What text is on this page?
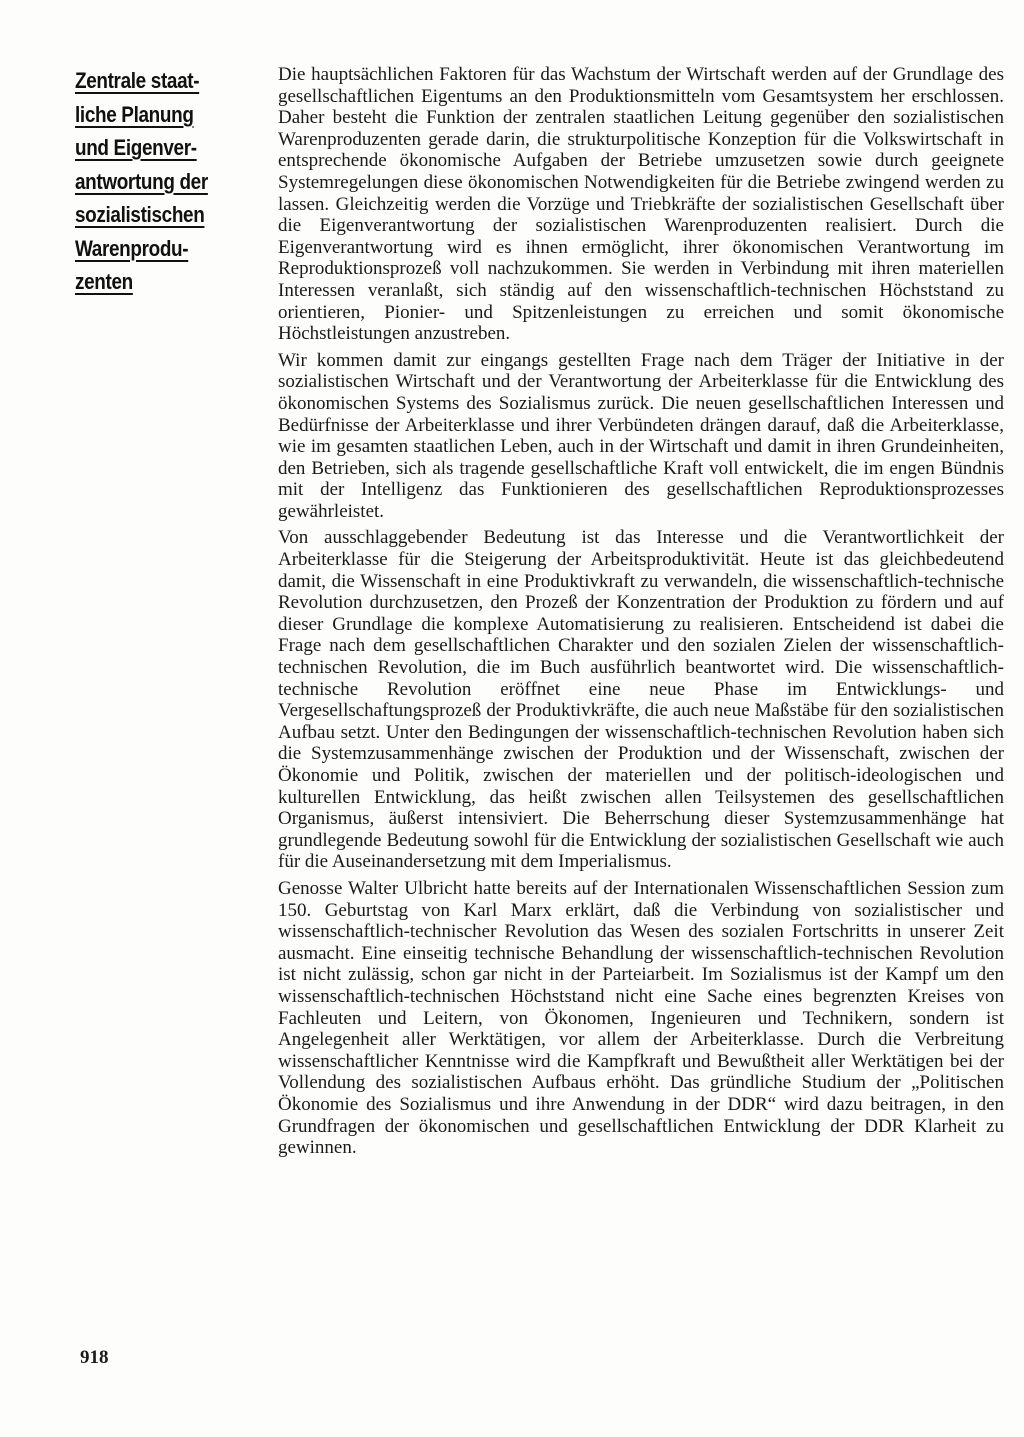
Zentrale staat-
liche Planung
und Eigenver-
antwortung der
sozialistischen
Warenprodu-
zenten

Die hauptsächlichen Faktoren für das Wachstum der Wirtschaft werden auf der Grundlage des gesellschaftlichen Eigentums an den Produktionsmitteln vom Gesamtsystem her erschlossen. Daher besteht die Funktion der zentralen staatlichen Leitung gegenüber den sozialistischen Warenproduzenten gerade darin, die strukturpolitische Konzeption für die Volkswirtschaft in entsprechende ökonomische Aufgaben der Betriebe umzusetzen sowie durch geeignete Systemregelungen diese ökonomischen Notwendigkeiten für die Betriebe zwingend werden zu lassen. Gleichzeitig werden die Vorzüge und Triebkräfte der sozialistischen Gesellschaft über die Eigenverantwortung der sozialistischen Warenproduzenten realisiert. Durch die Eigenverantwortung wird es ihnen ermöglicht, ihrer ökonomischen Verantwortung im Reproduktionsprozeß voll nachzukommen. Sie werden in Verbindung mit ihren materiellen Interessen veranlaßt, sich ständig auf den wissenschaftlich-technischen Höchststand zu orientieren, Pionier- und Spitzenleistungen zu erreichen und somit ökonomische Höchstleistungen anzustreben.

Wir kommen damit zur eingangs gestellten Frage nach dem Träger der Initiative in der sozialistischen Wirtschaft und der Verantwortung der Arbeiterklasse für die Entwicklung des ökonomischen Systems des Sozialismus zurück. Die neuen gesellschaftlichen Interessen und Bedürfnisse der Arbeiterklasse und ihrer Verbündeten drängen darauf, daß die Arbeiterklasse, wie im gesamten staatlichen Leben, auch in der Wirtschaft und damit in ihren Grundeinheiten, den Betrieben, sich als tragende gesellschaftliche Kraft voll entwickelt, die im engen Bündnis mit der Intelligenz das Funktionieren des gesellschaftlichen Reproduktionsprozesses gewährleistet.

Von ausschlaggebender Bedeutung ist das Interesse und die Verantwortlichkeit der Arbeiterklasse für die Steigerung der Arbeitsproduktivität. Heute ist das gleichbedeutend damit, die Wissenschaft in eine Produktivkraft zu verwandeln, die wissenschaftlich-technische Revolution durchzusetzen, den Prozeß der Konzentration der Produktion zu fördern und auf dieser Grundlage die komplexe Automatisierung zu realisieren. Entscheidend ist dabei die Frage nach dem gesellschaftlichen Charakter und den sozialen Zielen der wissenschaftlich-technischen Revolution, die im Buch ausführlich beantwortet wird. Die wissenschaftlich-technische Revolution eröffnet eine neue Phase im Entwicklungs- und Vergesellschaftungsprozeß der Produktivkräfte, die auch neue Maßstäbe für den sozialistischen Aufbau setzt. Unter den Bedingungen der wissenschaftlich-technischen Revolution haben sich die Systemzusammenhänge zwischen der Produktion und der Wissenschaft, zwischen der Ökonomie und Politik, zwischen der materiellen und der politisch-ideologischen und kulturellen Entwicklung, das heißt zwischen allen Teilsystemen des gesellschaftlichen Organismus, äußerst intensiviert. Die Beherrschung dieser Systemzusammenhänge hat grundlegende Bedeutung sowohl für die Entwicklung der sozialistischen Gesellschaft wie auch für die Auseinandersetzung mit dem Imperialismus.

Genosse Walter Ulbricht hatte bereits auf der Internationalen Wissenschaftlichen Session zum 150. Geburtstag von Karl Marx erklärt, daß die Verbindung von sozialistischer und wissenschaftlich-technischer Revolution das Wesen des sozialen Fortschritts in unserer Zeit ausmacht. Eine einseitig technische Behandlung der wissenschaftlich-technischen Revolution ist nicht zulässig, schon gar nicht in der Parteiarbeit. Im Sozialismus ist der Kampf um den wissenschaftlich-technischen Höchststand nicht eine Sache eines begrenzten Kreises von Fachleuten und Leitern, von Ökonomen, Ingenieuren und Technikern, sondern ist Angelegenheit aller Werktätigen, vor allem der Arbeiterklasse. Durch die Verbreitung wissenschaftlicher Kenntnisse wird die Kampfkraft und Bewußtheit aller Werktätigen bei der Vollendung des sozialistischen Aufbaus erhöht. Das gründliche Studium der „Politischen Ökonomie des Sozialismus und ihre Anwendung in der DDR“ wird dazu beitragen, in den Grundfragen der ökonomischen und gesellschaftlichen Entwicklung der DDR Klarheit zu gewinnen.

918
